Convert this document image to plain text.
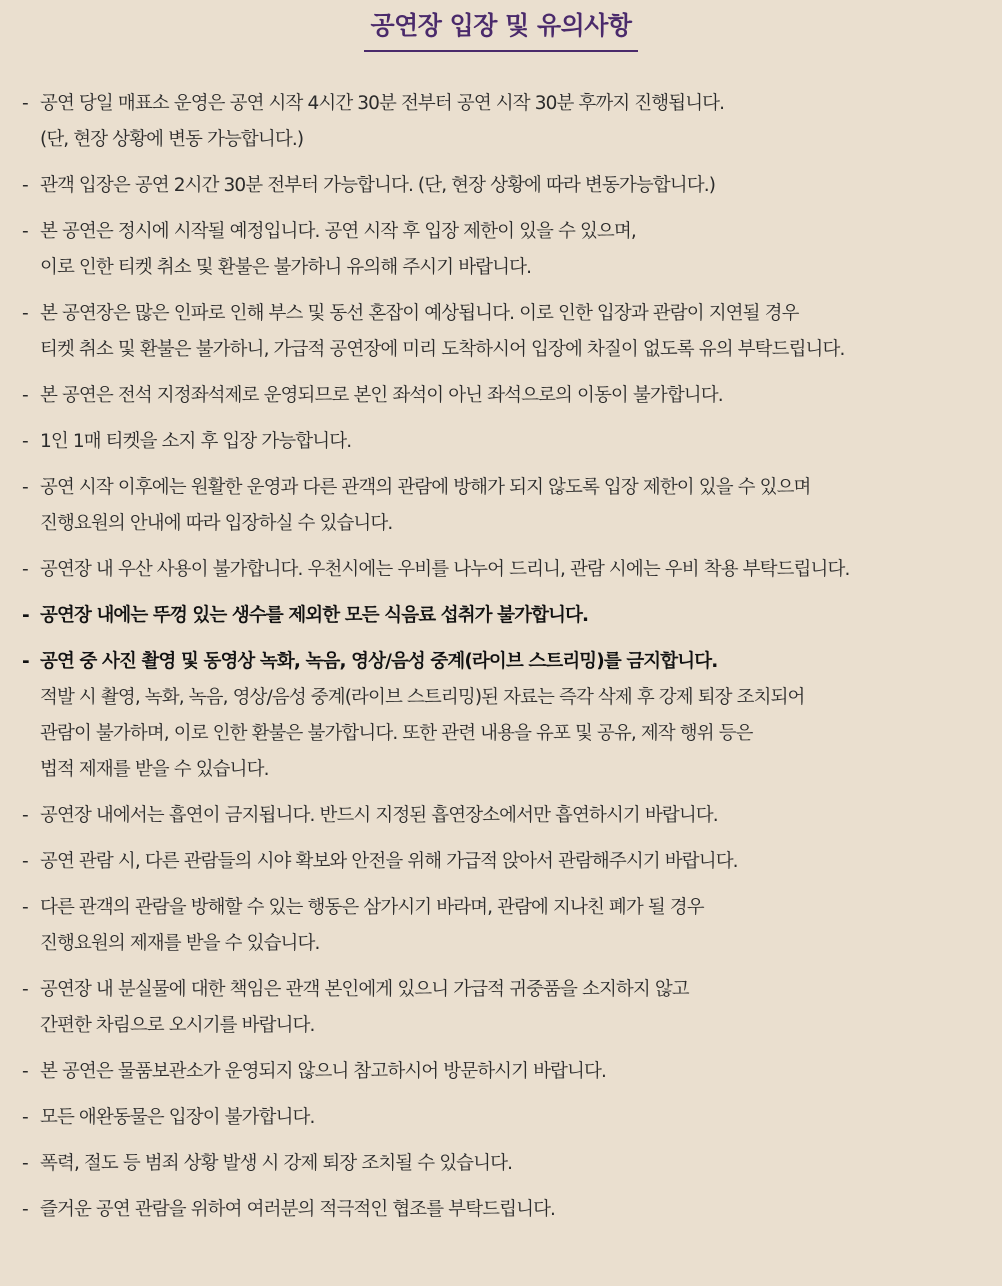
공연장 입장 및 유의사항
- 공연 당일 매표소 운영은 공연 시작 4시간 30분 전부터 공연 시작 30분 후까지 진행됩니다.
(단, 현장 상황에 변동 가능합니다.)
- 관객 입장은 공연 2시간 30분 전부터 가능합니다. (단, 현장 상황에 따라 변동가능합니다.)
- 본 공연은 정시에 시작될 예정입니다. 공연 시작 후 입장 제한이 있을 수 있으며,
이로 인한 티켓 취소 및 환불은 불가하니 유의해 주시기 바랍니다.
- 본 공연장은 많은 인파로 인해 부스 및 동선 혼잡이 예상됩니다. 이로 인한 입장과 관람이 지연될 경우
티켓 취소 및 환불은 불가하니, 가급적 공연장에 미리 도착하시어 입장에 차질이 없도록 유의 부탁드립니다.
- 본 공연은 전석 지정좌석제로 운영되므로 본인 좌석이 아닌 좌석으로의 이동이 불가합니다.
- 1인 1매 티켓을 소지 후 입장 가능합니다.
- 공연 시작 이후에는 원활한 운영과 다른 관객의 관람에 방해가 되지 않도록 입장 제한이 있을 수 있으며
진행요원의 안내에 따라 입장하실 수 있습니다.
- 공연장 내 우산 사용이 불가합니다. 우천시에는 우비를 나누어 드리니, 관람 시에는 우비 착용 부탁드립니다.
- 공연장 내에는 뚜껑 있는 생수를 제외한 모든 식음료 섭취가 불가합니다.
- 공연 중 사진 촬영 및 동영상 녹화, 녹음, 영상/음성 중계(라이브 스트리밍)를 금지합니다.
적발 시 촬영, 녹화, 녹음, 영상/음성 중계(라이브 스트리밍)된 자료는 즉각 삭제 후 강제 퇴장 조치되어
관람이 불가하며, 이로 인한 환불은 불가합니다. 또한 관련 내용을 유포 및 공유, 제작 행위 등은
법적 제재를 받을 수 있습니다.
- 공연장 내에서는 흡연이 금지됩니다. 반드시 지정된 흡연장소에서만 흡연하시기 바랍니다.
- 공연 관람 시, 다른 관람들의 시야 확보와 안전을 위해 가급적 앉아서 관람해주시기 바랍니다.
- 다른 관객의 관람을 방해할 수 있는 행동은 삼가시기 바라며, 관람에 지나친 폐가 될 경우
진행요원의 제재를 받을 수 있습니다.
- 공연장 내 분실물에 대한 책임은 관객 본인에게 있으니 가급적 귀중품을 소지하지 않고
간편한 차림으로 오시기를 바랍니다.
- 본 공연은 물품보관소가 운영되지 않으니 참고하시어 방문하시기 바랍니다.
- 모든 애완동물은 입장이 불가합니다.
- 폭력, 절도 등 범죄 상황 발생 시 강제 퇴장 조치될 수 있습니다.
- 즐거운 공연 관람을 위하여 여러분의 적극적인 협조를 부탁드립니다.
